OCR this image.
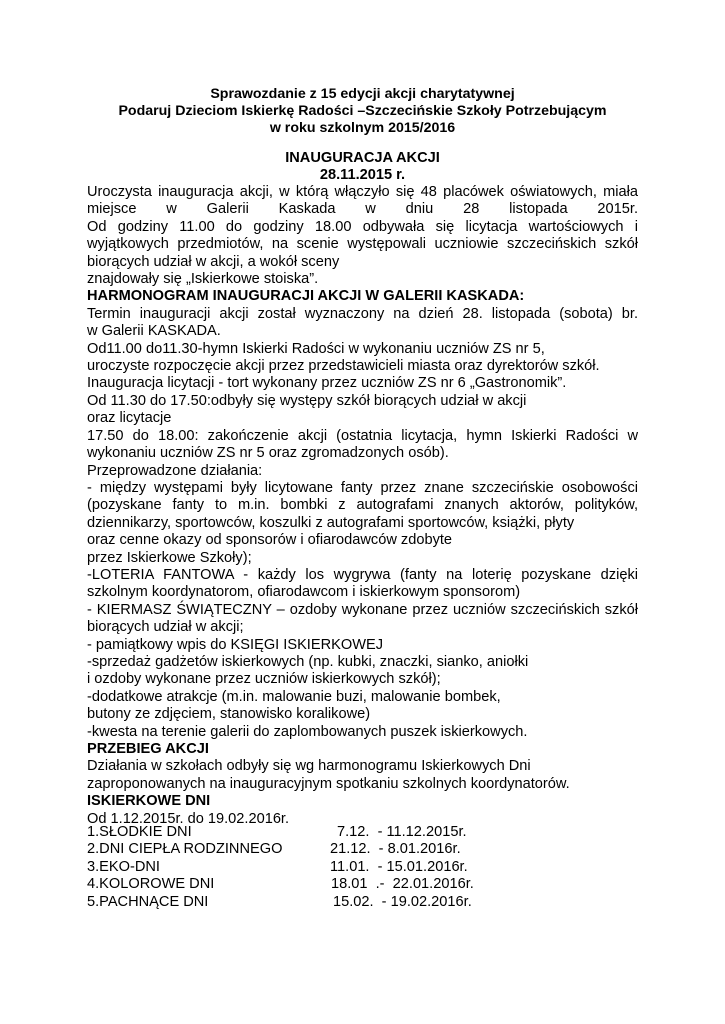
Sprawozdanie z 15 edycji akcji charytatywnej
Podaruj Dzieciom Iskierkę Radości –Szczecińskie Szkoły Potrzebującym
w roku szkolnym 2015/2016
INAUGURACJA AKCJI
28.11.2015 r.
Uroczysta inauguracja akcji, w którą włączyło się 48 placówek oświatowych, miała
miejsce w Galerii Kaskada w dniu 28 listopada 2015r.
Od godziny 11.00 do godziny 18.00 odbywała się licytacja wartościowych i
wyjątkowych przedmiotów, na scenie występowali uczniowie szczecińskich szkół
biorących udział w akcji, a wokół sceny
znajdowały się „Iskierkowe stoiska”.
HARMONOGRAM INAUGURACJI AKCJI W GALERII KASKADA:
Termin inauguracji akcji został wyznaczony na dzień 28. listopada (sobota) br.
w Galerii KASKADA.
Od11.00 do11.30-hymn Iskierki Radości w wykonaniu uczniów ZS nr 5,
uroczyste rozpoczęcie akcji przez przedstawicieli miasta oraz dyrektorów szkół.
Inauguracja licytacji - tort wykonany przez uczniów ZS nr 6 „Gastronomik”.
Od 11.30 do 17.50:odbyły się występy szkół biorących udział w akcji
oraz licytacje
17.50 do 18.00: zakończenie akcji (ostatnia licytacja, hymn Iskierki Radości w
wykonaniu uczniów ZS nr 5 oraz zgromadzonych osób).
Przeprowadzone działania:
- między występami były licytowane fanty przez znane szczecińskie osobowości
(pozyskane fanty to m.in. bombki z autografami znanych aktorów, polityków,
dziennikarzy, sportowców, koszulki z autografami sportowców, książki, płyty
oraz cenne okazy od sponsorów i ofiarodawców zdobyte
przez Iskierkowe Szkoły);
-LOTERIA FANTOWA - każdy los wygrywa (fanty na loterię pozyskane dzięki
szkolnym koordynatorom, ofiarodawcom i iskierkowym sponsorom)
- KIERMASZ ŚWIĄTECZNY – ozdoby wykonane przez uczniów szczecińskich szkół
biorących udział w akcji;
- pamiątkowy wpis do KSIĘGI ISKIERKOWEJ
-sprzedaż gadżetów iskierkowych (np. kubki, znaczki, sianko, aniołki
i ozdoby wykonane przez uczniów iskierkowych szkół);
-dodatkowe atrakcje (m.in. malowanie buzi, malowanie bombek,
butony ze zdjęciem, stanowisko koralikowe)
-kwesta na terenie galerii do zaplombowanych puszek iskierkowych.
PRZEBIEG AKCJI
Działania w szkołach odbyły się wg harmonogramu Iskierkowych Dni
zaproponowanych na inauguracyjnym spotkaniu szkolnych koordynatorów.
ISKIERKOWE DNI
Od 1.12.2015r. do 19.02.2016r.
1.SŁODKIE DNI	7.12.  - 11.12.2015r.
2.DNI CIEPŁA RODZINNEGO	21.12.  - 8.01.2016r.
3.EKO-DNI	11.01.  - 15.01.2016r.
4.KOLOROWE DNI	18.01  .-  22.01.2016r.
5.PACHNĄCE DNI	15.02.  - 19.02.2016r.
